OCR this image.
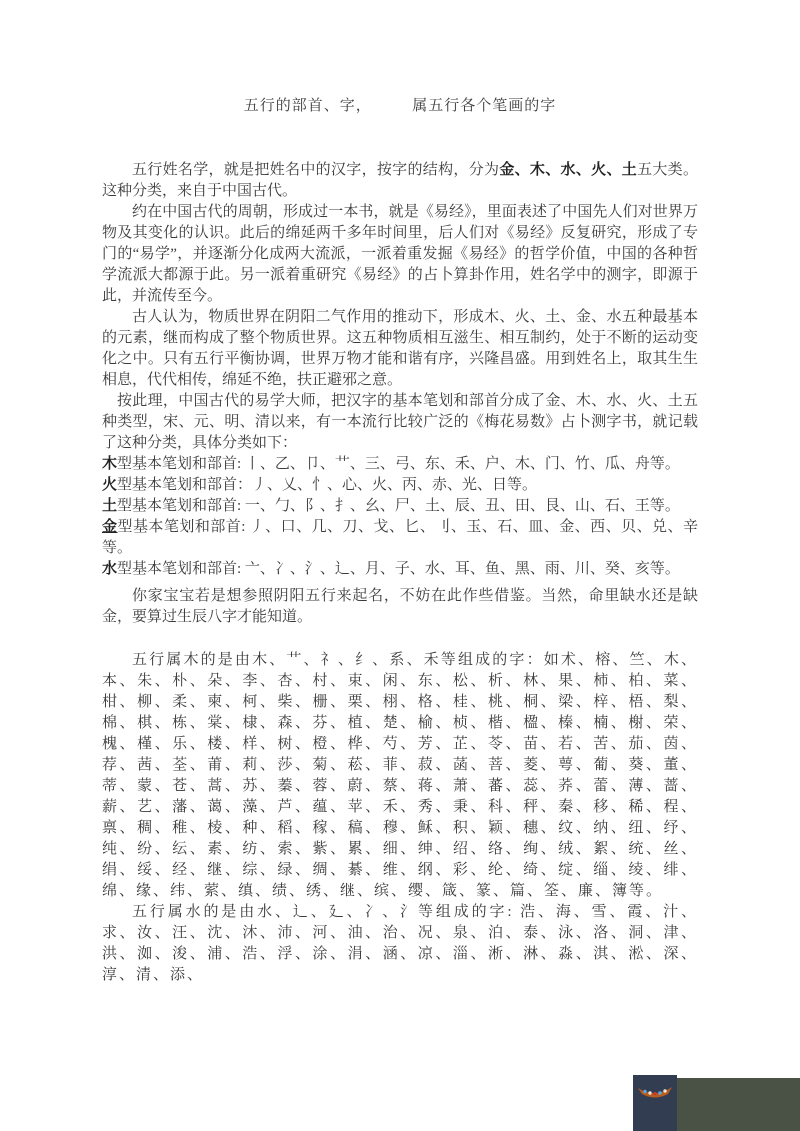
五行的部首、字，　　　属五行各个笔画的字

五行姓名学，就是把姓名中的汉字，按字的结构，分为金、木、水、火、土五大类。这种分类，来自于中国古代。

约在中国古代的周朝，形成过一本书，就是《易经》，里面表述了中国先人们对世界万物及其变化的认识。此后的绵延两千多年时间里，后人们对《易经》反复研究，形成了专门的“易学”，并逐渐分化成两大流派，一派着重发掘《易经》的哲学价值，中国的各种哲学流派大都源于此。另一派着重研究《易经》的占卜算卦作用，姓名学中的测字，即源于此，并流传至今。

古人认为，物质世界在阴阳二气作用的推动下，形成木、火、土、金、水五种最基本的元素，继而构成了整个物质世界。这五种物质相互滋生、相互制约，处于不断的运动变化之中。只有五行平衡协调，世界万物才能和谐有序，兴隆昌盛。用到姓名上，取其生生相息，代代相传，绵延不绝，扶正避邪之意。

按此理，中国古代的易学大师，把汉字的基本笔划和部首分成了金、木、水、火、土五种类型，宋、元、明、清以来，有一本流行比较广泛的《梅花易数》占卜测字书，就记载了这种分类，具体分类如下：

木型基本笔划和部首: 丨、乙、卩、艹、三、弓、东、禾、户、木、门、竹、瓜、舟等。

火型基本笔划和部首：丿、乂、忄、心、火、丙、赤、光、日等。

土型基本笔划和部首: 一、勹、阝、扌、幺、尸、土、辰、丑、田、艮、山、石、王等。

金型基本笔划和部首: 丿、口、几、刀、戈、匕、刂、玉、石、皿、金、西、贝、兑、辛等。

水型基本笔划和部首: 亠、冫、氵、辶、月、子、水、耳、鱼、黑、雨、川、癸、亥等。

你家宝宝若是想参照阴阳五行来起名，不妨在此作些借鉴。当然，命里缺水还是缺金，要算过生辰八字才能知道。

五行属木的是由木、艹、礻、纟、系、禾等组成的字：如术、榕、竺、木、本、朱、朴、朵、李、杏、村、束、闲、东、松、析、林、果、柿、柏、菜、柑、柳、柔、柬、柯、柴、栅、栗、栩、格、桂、桃、桐、梁、梓、梧、梨、棉、棋、栋、棠、棣、森、芬、植、楚、榆、桢、楷、楹、榛、楠、榭、荣、槐、槿、乐、楼、样、树、橙、桦、芍、芳、芷、苓、苗、若、苦、茄、茵、荐、茜、荃、莆、莉、莎、菊、菘、菲、菽、菡、菩、菱、萼、葡、葵、董、蒂、蒙、苍、蒿、苏、蓁、蓉、蔚、蔡、蒋、萧、蕃、蕊、荞、蕾、薄、蔷、薪、艺、藩、蔼、藻、芦、蕴、苹、禾、秀、秉、科、秤、秦、移、稀、程、禀、稠、稚、棱、种、稻、稼、稿、穆、稣、积、颖、穗、纹、纳、纽、纾、纯、纷、纭、素、纺、索、紫、累、细、绅、绍、络、绚、绒、絮、统、丝、绢、绥、经、继、综、绿、绸、綦、维、纲、彩、纶、绮、绽、缁、绫、绯、绵、缘、纬、萦、缜、绩、绣、继、缤、缨、箴、篆、篇、筌、廉、簿等。

五行属水的是由水、辶、廴、冫、氵等组成的字: 浩、海、雪、霞、汁、求、汝、汪、沈、沐、沛、河、油、治、况、泉、泊、泰、泳、洛、洞、津、洪、洳、浚、浦、浩、浮、涂、涓、涵、凉、淄、淅、淋、淼、淇、淞、深、淳、清、添、
